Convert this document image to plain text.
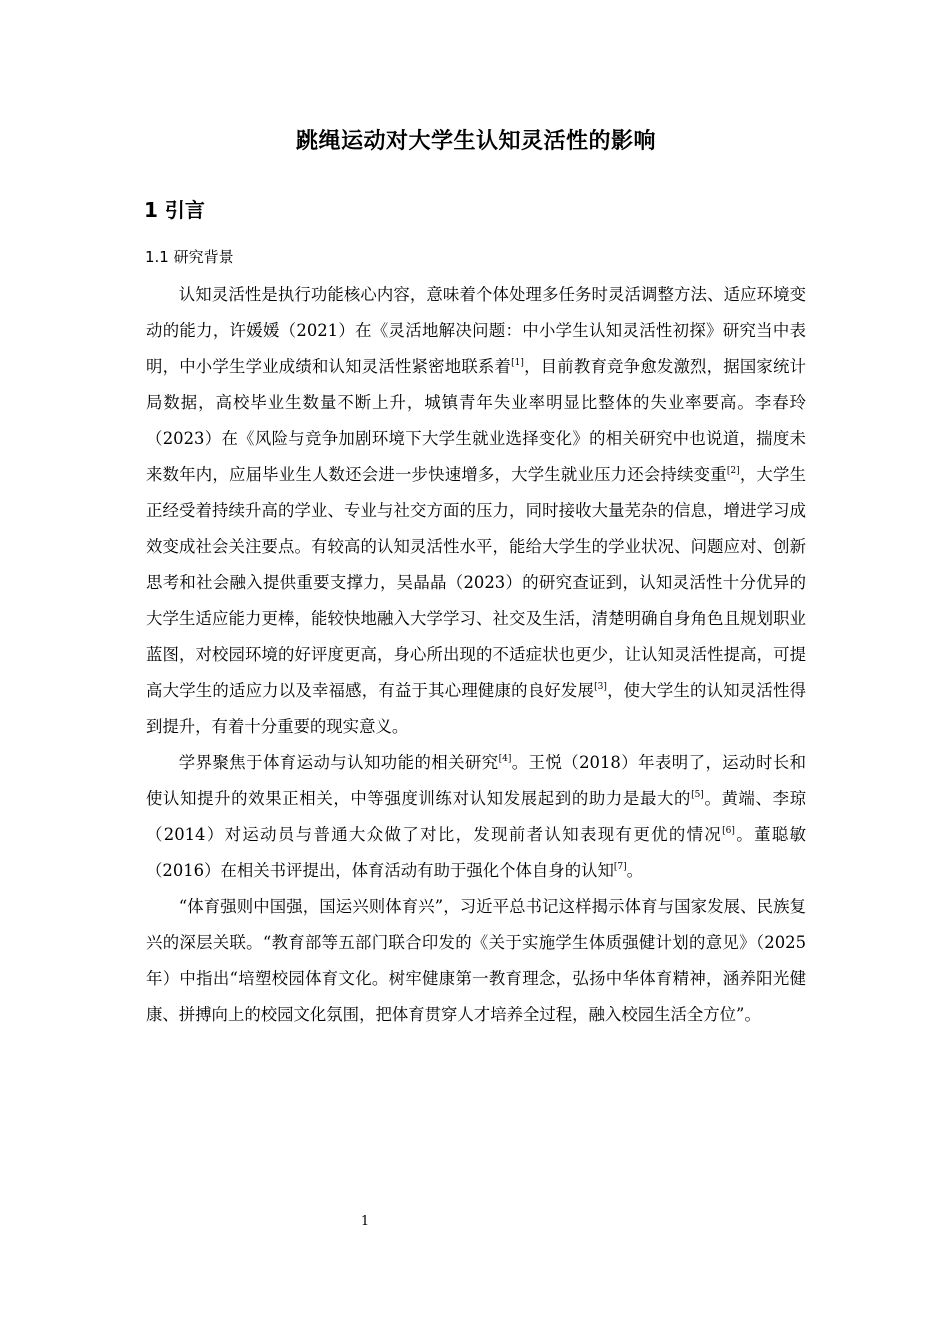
跳绳运动对大学生认知灵活性的影响
1 引言
1.1 研究背景

认知灵活性是执行功能核心内容，意味着个体处理多任务时灵活调整方法、适应环境变动的能力，许媛媛（2021）在《灵活地解决问题：中小学生认知灵活性初探》研究当中表明，中小学生学业成绩和认知灵活性紧密地联系着[1]，目前教育竞争愈发激烈，据国家统计局数据，高校毕业生数量不断上升，城镇青年失业率明显比整体的失业率要高。李春玲（2023）在《风险与竞争加剧环境下大学生就业选择变化》的相关研究中也说道，揣度未来数年内，应届毕业生人数还会进一步快速增多，大学生就业压力还会持续变重[2]，大学生正经受着持续升高的学业、专业与社交方面的压力，同时接收大量芜杂的信息，增进学习成效变成社会关注要点。有较高的认知灵活性水平，能给大学生的学业状况、问题应对、创新思考和社会融入提供重要支撑力，吴晶晶（2023）的研究查证到，认知灵活性十分优异的大学生适应能力更棒，能较快地融入大学学习、社交及生活，清楚明确自身角色且规划职业蓝图，对校园环境的好评度更高，身心所出现的不适症状也更少，让认知灵活性提高，可提高大学生的适应力以及幸福感，有益于其心理健康的良好发展[3]，使大学生的认知灵活性得到提升，有着十分重要的现实意义。

学界聚焦于体育运动与认知功能的相关研究[4]。王悦（2018）年表明了，运动时长和使认知提升的效果正相关，中等强度训练对认知发展起到的助力是最大的[5]。黄端、李琼（2014）对运动员与普通大众做了对比，发现前者认知表现有更优的情况[6]。董聪敏（2016）在相关书评提出，体育活动有助于强化个体自身的认知[7]。

“体育强则中国强，国运兴则体育兴”，习近平总书记这样揭示体育与国家发展、民族复兴的深层关联。“教育部等五部门联合印发的《关于实施学生体质强健计划的意见》（2025 年）中指出“培塑校园体育文化。树牢健康第一教育理念，弘扬中华体育精神，涵养阳光健康、拼搏向上的校园文化氛围，把体育贯穿人才培养全过程，融入校园生活全方位”。

1
